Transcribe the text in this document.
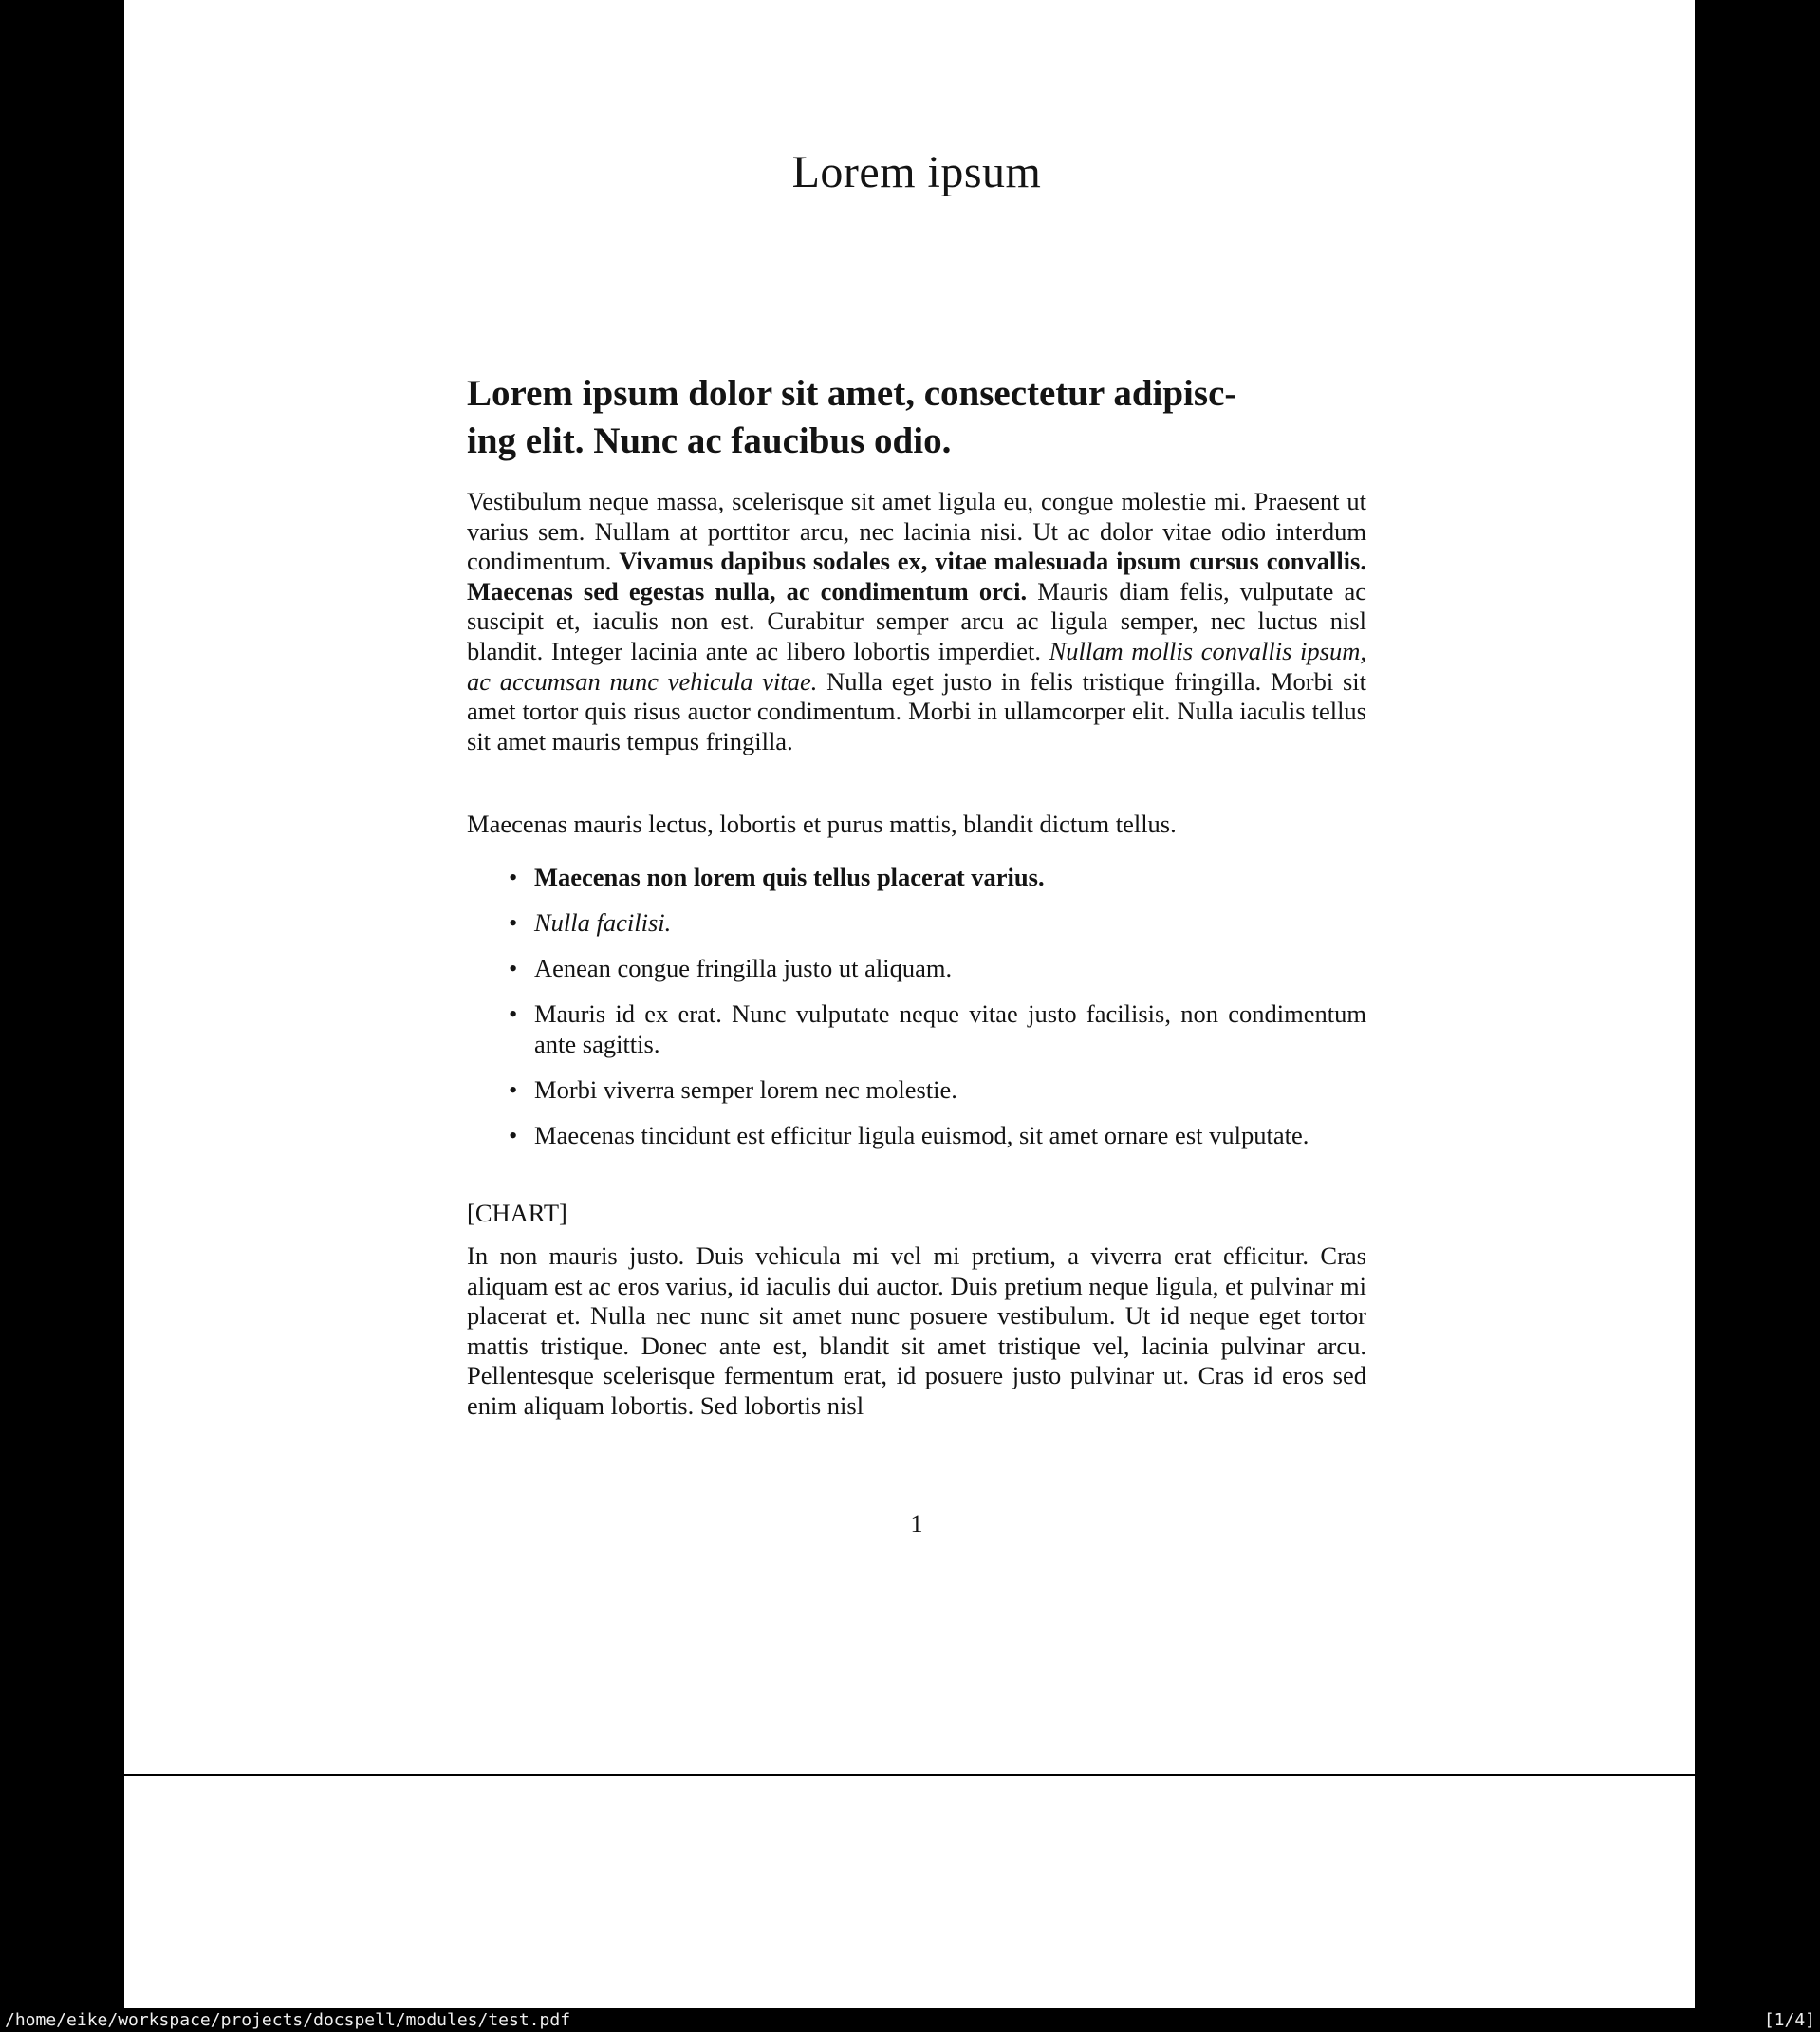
Lorem ipsum
Lorem ipsum dolor sit amet, consectetur adipisc-
ing elit. Nunc ac faucibus odio.

Vestibulum neque massa, scelerisque sit amet ligula eu, congue molestie mi. Praesent ut varius sem. Nullam at porttitor arcu, nec lacinia nisi. Ut ac dolor vitae odio interdum condimentum. Vivamus dapibus sodales ex, vitae malesuada ipsum cursus convallis. Maecenas sed egestas nulla, ac condimentum orci. Mauris diam felis, vulputate ac suscipit et, iaculis non est. Curabitur semper arcu ac ligula semper, nec luctus nisl blandit. Integer lacinia ante ac libero lobortis imperdiet. Nullam mollis convallis ipsum, ac accumsan nunc vehicula vitae. Nulla eget justo in felis tristique fringilla. Morbi sit amet tortor quis risus auctor condimentum. Morbi in ullamcorper elit. Nulla iaculis tellus sit amet mauris tempus fringilla.

Maecenas mauris lectus, lobortis et purus mattis, blandit dictum tellus.

• Maecenas non lorem quis tellus placerat varius.
• Nulla facilisi.
• Aenean congue fringilla justo ut aliquam.
• Mauris id ex erat. Nunc vulputate neque vitae justo facilisis, non condimentum ante sagittis.
• Morbi viverra semper lorem nec molestie.
• Maecenas tincidunt est efficitur ligula euismod, sit amet ornare est vulputate.

[CHART]

In non mauris justo. Duis vehicula mi vel mi pretium, a viverra erat efficitur. Cras aliquam est ac eros varius, id iaculis dui auctor. Duis pretium neque ligula, et pulvinar mi placerat et. Nulla nec nunc sit amet nunc posuere vestibulum. Ut id neque eget tortor mattis tristique. Donec ante est, blandit sit amet tristique vel, lacinia pulvinar arcu. Pellentesque scelerisque fermentum erat, id posuere justo pulvinar ut. Cras id eros sed enim aliquam lobortis. Sed lobortis nisl

1
/home/eike/workspace/projects/docspell/modules/test.pdf	[1/4]
